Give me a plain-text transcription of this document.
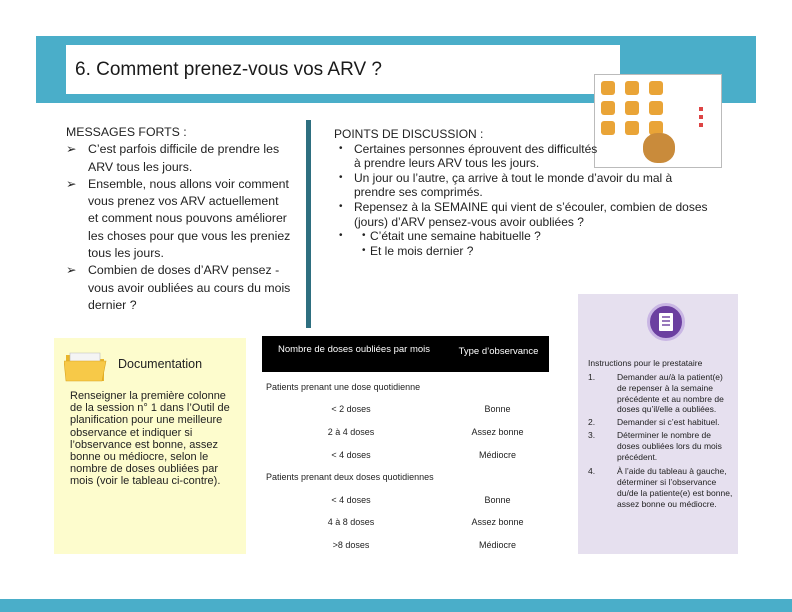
6. Comment prenez-vous vos ARV ?
MESSAGES FORTS :
➢ C’est parfois difficile de prendre les ARV tous les jours.
➢ Ensemble, nous allons voir comment vous prenez vos ARV actuellement et comment nous pouvons améliorer les choses pour que vous les preniez tous les jours.
➢ Combien de doses d’ARV pensez -vous avoir oubliées au cours du mois dernier ?
POINTS DE DISCUSSION :
• Certaines personnes éprouvent des difficultés à prendre leurs ARV tous les jours.
• Un jour ou l’autre, ça arrive à tout le monde d’avoir du mal à prendre ses comprimés.
• Repensez à la SEMAINE qui vient de s’écouler, combien de doses (jours) d’ARV pensez-vous avoir oubliées ?
• • C’était une semaine habituelle ?
• Et le mois dernier ?
Documentation
Renseigner la première colonne de la session n° 1 dans l’Outil de planification pour une meilleure observance et indiquer si l’observance est bonne, assez bonne ou médiocre, selon le nombre de doses oubliées par mois (voir le tableau ci-contre).
Nombre de doses oubliées par mois	Type d’observance
Patients prenant une dose quotidienne
< 2 doses	Bonne
2 à 4 doses	Assez bonne
< 4 doses	Médiocre
Patients prenant deux doses quotidiennes
< 4 doses	Bonne
4 à 8 doses	Assez bonne
>8 doses	Médiocre
Instructions pour le prestataire
1.	Demander au/à la patient(e) de repenser à la semaine précédente et au nombre de doses qu’il/elle a oubliées.
2.	Demander si c’est habituel.
3.	Déterminer le nombre de doses oubliées lors du mois précédent.
4.	À l’aide du tableau à gauche, déterminer si l’observance du/de la patiente(e) est bonne, assez bonne ou médiocre.
